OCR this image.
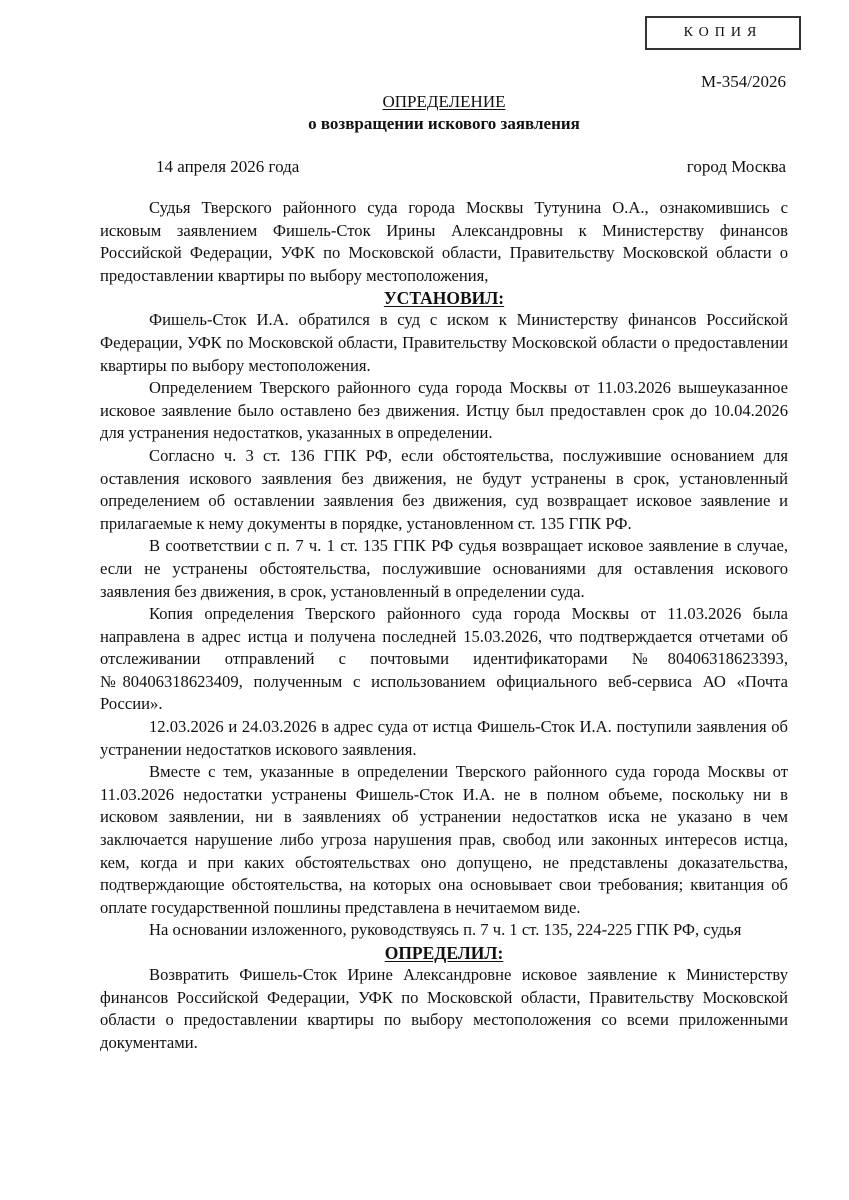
КОПИЯ
М-354/2026
ОПРЕДЕЛЕНИЕ
о возвращении искового заявления
14 апреля 2026 года	город Москва

Судья Тверского районного суда города Москвы Тутунина О.А., ознакомившись с исковым заявлением Фишель-Сток Ирины Александровны к Министерству финансов Российской Федерации, УФК по Московской области, Правительству Московской области о предоставлении квартиры по выбору местоположения,

УСТАНОВИЛ:

Фишель-Сток И.А. обратился в суд с иском к Министерству финансов Российской Федерации, УФК по Московской области, Правительству Московской области о предоставлении квартиры по выбору местоположения.

Определением Тверского районного суда города Москвы от 11.03.2026 вышеуказанное исковое заявление было оставлено без движения. Истцу был предоставлен срок до 10.04.2026 для устранения недостатков, указанных в определении.

Согласно ч. 3 ст. 136 ГПК РФ, если обстоятельства, послужившие основанием для оставления искового заявления без движения, не будут устранены в срок, установленный определением об оставлении заявления без движения, суд возвращает исковое заявление и прилагаемые к нему документы в порядке, установленном ст. 135 ГПК РФ.

В соответствии с п. 7 ч. 1 ст. 135 ГПК РФ судья возвращает исковое заявление в случае, если не устранены обстоятельства, послужившие основаниями для оставления искового заявления без движения, в срок, установленный в определении суда.

Копия определения Тверского районного суда города Москвы от 11.03.2026 была направлена в адрес истца и получена последней 15.03.2026, что подтверждается отчетами об отслеживании отправлений с почтовыми идентификаторами №80406318623393, №80406318623409, полученным с использованием официального веб-сервиса АО «Почта России».

12.03.2026 и 24.03.2026 в адрес суда от истца Фишель-Сток И.А. поступили заявления об устранении недостатков искового заявления.

Вместе с тем, указанные в определении Тверского районного суда города Москвы от 11.03.2026 недостатки устранены Фишель-Сток И.А. не в полном объеме, поскольку ни в исковом заявлении, ни в заявлениях об устранении недостатков иска не указано в чем заключается нарушение либо угроза нарушения прав, свобод или законных интересов истца, кем, когда и при каких обстоятельствах оно допущено, не представлены доказательства, подтверждающие обстоятельства, на которых она основывает свои требования; квитанция об оплате государственной пошлины представлена в нечитаемом виде.

На основании изложенного, руководствуясь п. 7 ч. 1 ст. 135, 224-225 ГПК РФ, судья

ОПРЕДЕЛИЛ:

Возвратить Фишель-Сток Ирине Александровне исковое заявление к Министерству финансов Российской Федерации, УФК по Московской области, Правительству Московской области о предоставлении квартиры по выбору местоположения со всеми приложенными документами.
